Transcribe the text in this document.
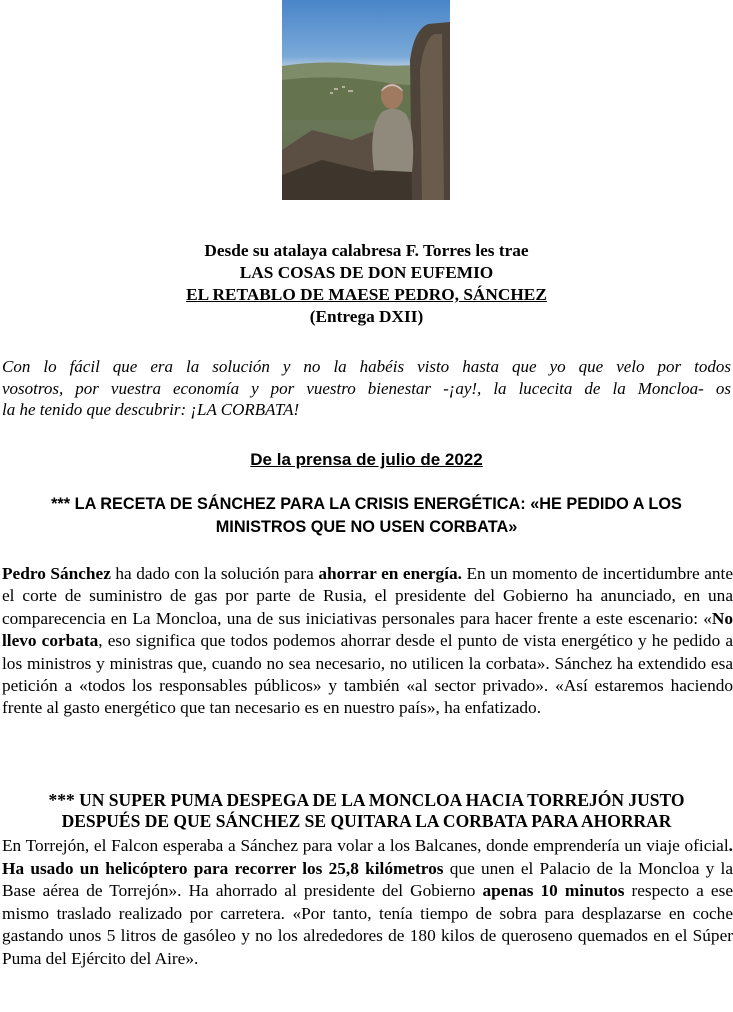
Desde su atalaya calabresa F. Torres les trae
LAS COSAS DE DON EUFEMIO
EL RETABLO DE MAESE PEDRO, SÁNCHEZ
(Entrega DXII)
Con lo fácil que era la solución y no la habéis visto hasta que yo que velo por todos
vosotros, por vuestra economía y por vuestro bienestar -¡ay!, la lucecita de la Moncloa- os
la he tenido que descubrir: ¡LA CORBATA!
De la prensa de julio de 2022
*** LA RECETA DE SÁNCHEZ PARA LA CRISIS ENERGÉTICA: «HE PEDIDO A LOS
MINISTROS QUE NO USEN CORBATA»
Pedro Sánchez ha dado con la solución para ahorrar en energía. En un momento de incertidumbre ante el corte de suministro de gas por parte de Rusia, el presidente del Gobierno ha anunciado, en una comparecencia en La Moncloa, una de sus iniciativas personales para hacer frente a este escenario: «No llevo corbata, eso significa que todos podemos ahorrar desde el punto de vista energético y he pedido a los ministros y ministras que, cuando no sea necesario, no utilicen la corbata». Sánchez ha extendido esa petición a «todos los responsables públicos» y también «al sector privado». «Así estaremos haciendo frente al gasto energético que tan necesario es en nuestro país», ha enfatizado.
*** UN SUPER PUMA DESPEGA DE LA MONCLOA HACIA TORREJÓN JUSTO
DESPUÉS DE QUE SÁNCHEZ SE QUITARA LA CORBATA PARA AHORRAR
En Torrejón, el Falcon esperaba a Sánchez para volar a los Balcanes, donde emprendería un viaje oficial. Ha usado un helicóptero para recorrer los 25,8 kilómetros que unen el Palacio de la Moncloa y la Base aérea de Torrejón». Ha ahorrado al presidente del Gobierno apenas 10 minutos respecto a ese mismo traslado realizado por carretera. «Por tanto, tenía tiempo de sobra para desplazarse en coche gastando unos 5 litros de gasóleo y no los alrededores de 180 kilos de queroseno quemados en el Súper Puma del Ejército del Aire».
